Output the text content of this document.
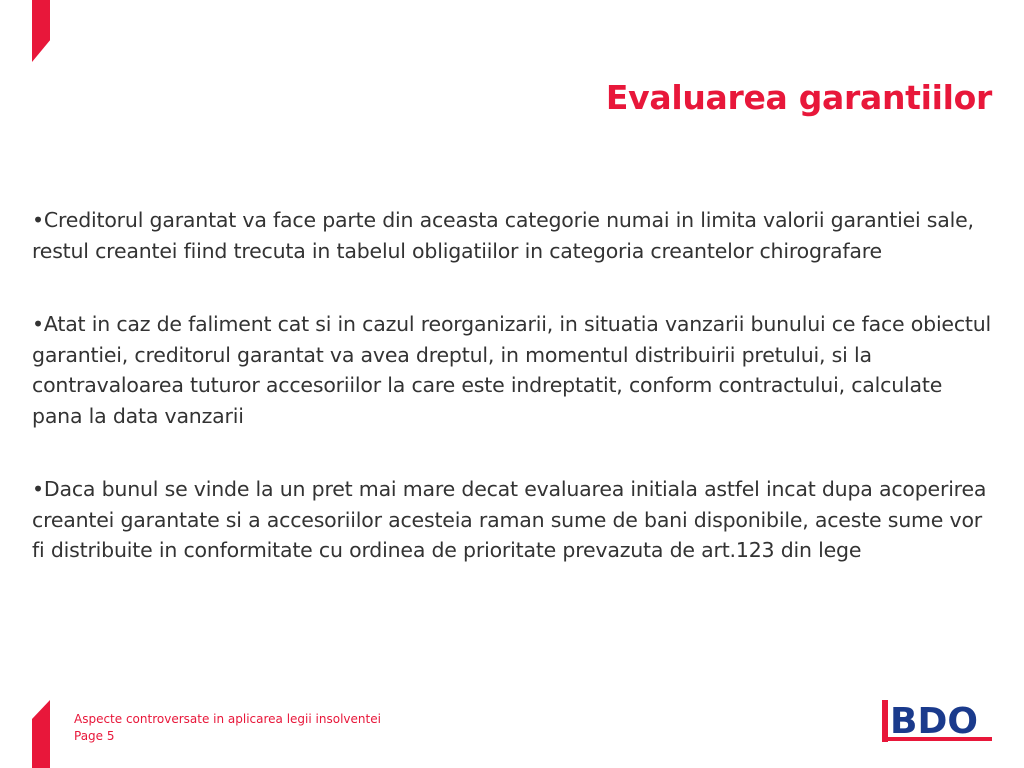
Evaluarea garantiilor

•Creditorul garantat va face parte din aceasta categorie numai in limita valorii garantiei sale, restul creantei fiind trecuta in tabelul obligatiilor in categoria creantelor chirografare

•Atat in caz de faliment cat si in cazul reorganizarii, in situatia vanzarii bunului ce face obiectul garantiei, creditorul garantat va avea dreptul, in momentul distribuirii pretului, si la contravaloarea tuturor accesoriilor la care este indreptatit, conform contractului, calculate pana la data vanzarii

•Daca bunul se vinde la un pret mai mare decat evaluarea initiala astfel incat dupa acoperirea creantei garantate si a accesoriilor acesteia raman sume de bani disponibile, aceste sume vor fi distribuite in conformitate cu ordinea de prioritate prevazuta de art.123 din lege

Aspecte controversate in aplicarea legii insolventei
Page 5	BDO
